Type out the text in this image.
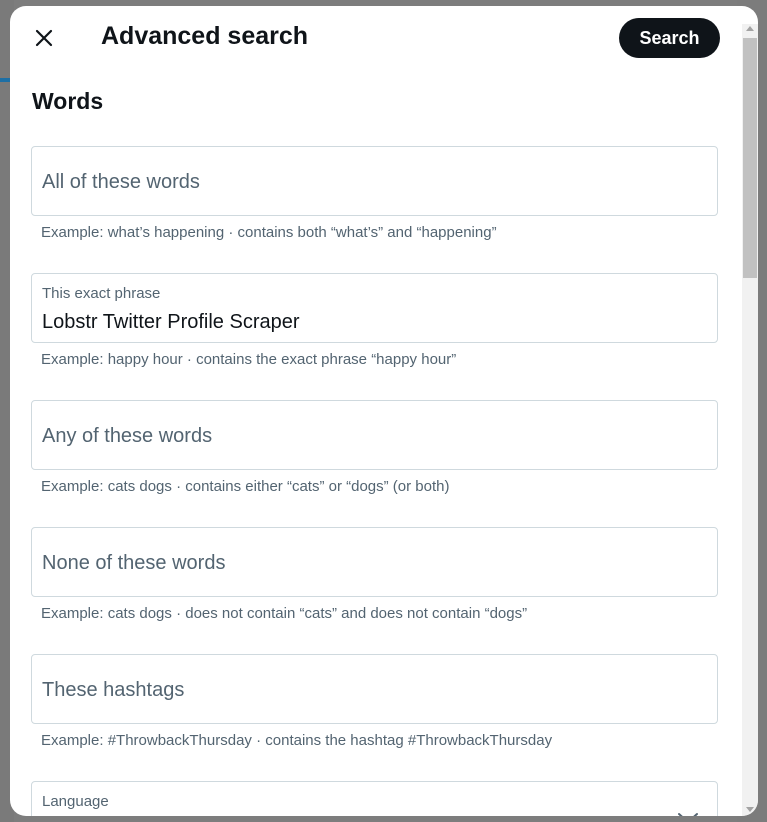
Advanced search	Search
Words
All of these words
Example: what’s happening · contains both “what’s” and “happening”
This exact phrase
Lobstr Twitter Profile Scraper
Example: happy hour · contains the exact phrase “happy hour”
Any of these words
Example: cats dogs · contains either “cats” or “dogs” (or both)
None of these words
Example: cats dogs · does not contain “cats” and does not contain “dogs”
These hashtags
Example: #ThrowbackThursday · contains the hashtag #ThrowbackThursday
Language
